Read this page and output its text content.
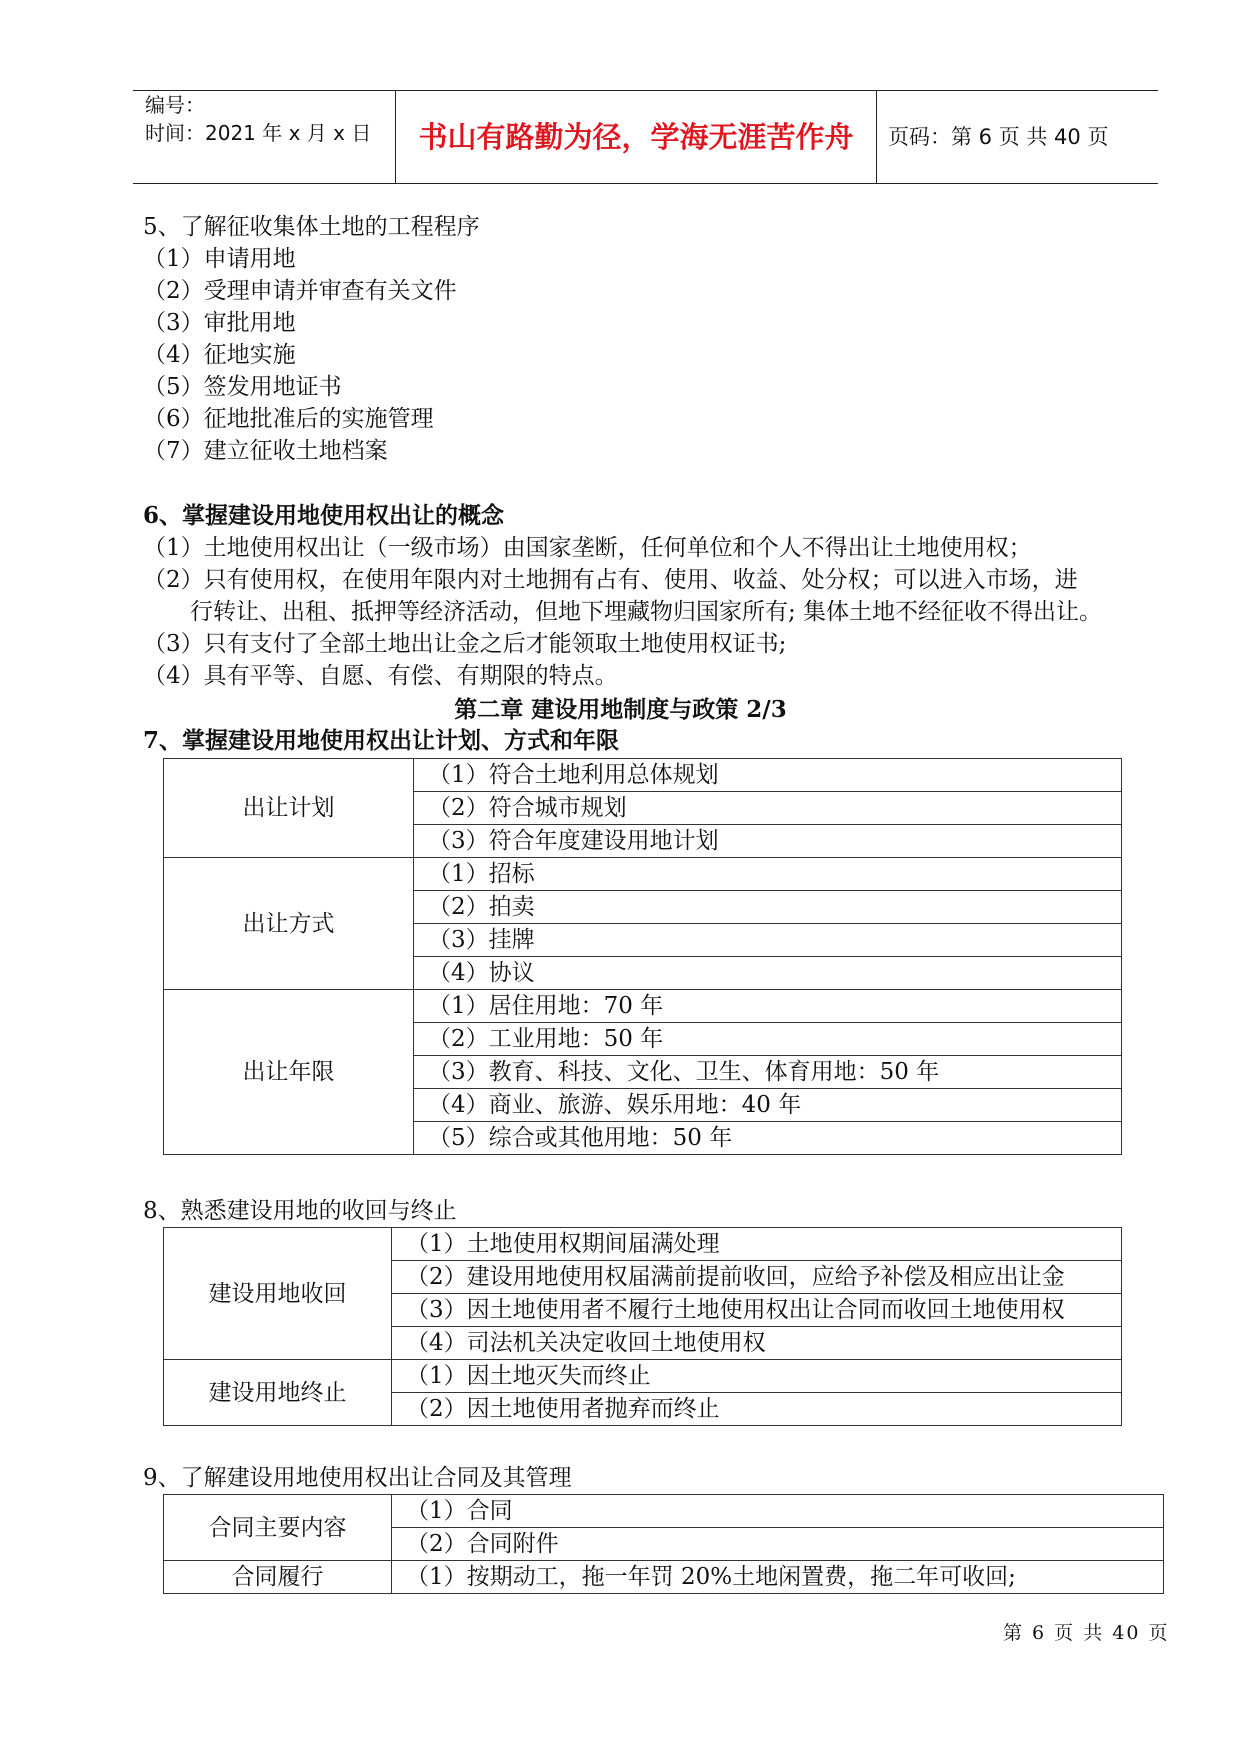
编号：
时间：2021 年 x 月 x 日	书山有路勤为径，学海无涯苦作舟	页码：第 6 页 共 40 页
5、了解征收集体土地的工程程序
（1）申请用地
（2）受理申请并审查有关文件
（3）审批用地
（4）征地实施
（5）签发用地证书
（6）征地批准后的实施管理
（7）建立征收土地档案
6、掌握建设用地使用权出让的概念
（1）土地使用权出让（一级市场）由国家垄断，任何单位和个人不得出让土地使用权；
（2）只有使用权，在使用年限内对土地拥有占有、使用、收益、处分权；可以进入市场，进
行转让、出租、抵押等经济活动，但地下埋藏物归国家所有; 集体土地不经征收不得出让。
（3）只有支付了全部土地出让金之后才能领取土地使用权证书;
（4）具有平等、自愿、有偿、有期限的特点。
第二章 建设用地制度与政策 2/3
7、掌握建设用地使用权出让计划、方式和年限
出让计划	（1）符合土地利用总体规划
	（2）符合城市规划
	（3）符合年度建设用地计划
出让方式	（1）招标
	（2）拍卖
	（3）挂牌
	（4）协议
出让年限	（1）居住用地：70 年
	（2）工业用地：50 年
	（3）教育、科技、文化、卫生、体育用地：50 年
	（4）商业、旅游、娱乐用地：40 年
	（5）综合或其他用地：50 年
8、熟悉建设用地的收回与终止
建设用地收回	（1）土地使用权期间届满处理
	（2）建设用地使用权届满前提前收回，应给予补偿及相应出让金
	（3）因土地使用者不履行土地使用权出让合同而收回土地使用权
	（4）司法机关决定收回土地使用权
建设用地终止	（1）因土地灭失而终止
	（2）因土地使用者抛弃而终止
9、了解建设用地使用权出让合同及其管理
合同主要内容	（1）合同
	（2）合同附件
合同履行	（1）按期动工，拖一年罚 20%土地闲置费，拖二年可收回;
第 6 页 共 40 页
